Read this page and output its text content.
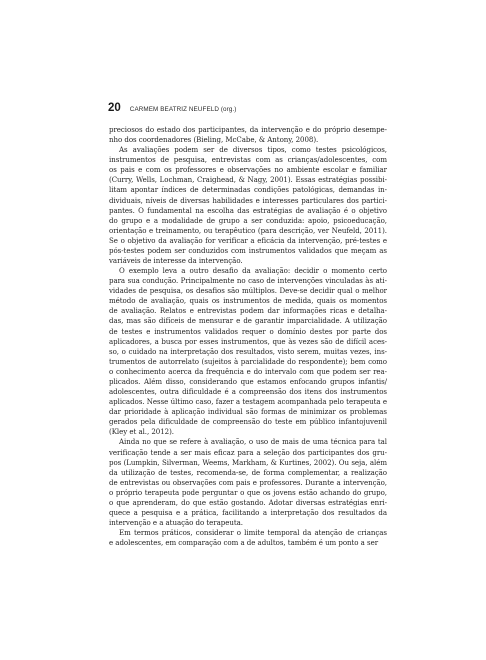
20 CARMEM BEATRIZ NEUFELD (org.)
preciosos do estado dos participantes, da intervenção e do próprio desempe-
nho dos coordenadores (Bieling, McCabe, & Antony, 2008).
As avaliações podem ser de diversos tipos, como testes psicológicos,
instrumentos de pesquisa, entrevistas com as crianças/adolescentes, com
os pais e com os professores e observações no ambiente escolar e familiar
(Curry, Wells, Lochman, Craighead, & Nagy, 2001). Essas estratégias possibi-
litam apontar índices de determinadas condições patológicas, demandas in-
dividuais, níveis de diversas habilidades e interesses particulares dos partici-
pantes. O fundamental na escolha das estratégias de avaliação é o objetivo
do grupo e a modalidade de grupo a ser conduzida: apoio, psicoeducação,
orientação e treinamento, ou terapêutico (para descrição, ver Neufeld, 2011).
Se o objetivo da avaliação for verificar a eficácia da intervenção, pré-testes e
pós-testes podem ser conduzidos com instrumentos validados que meçam as
variáveis de interesse da intervenção.
O exemplo leva a outro desafio da avaliação: decidir o momento certo
para sua condução. Principalmente no caso de intervenções vinculadas às ati-
vidades de pesquisa, os desafios são múltiplos. Deve-se decidir qual o melhor
método de avaliação, quais os instrumentos de medida, quais os momentos
de avaliação. Relatos e entrevistas podem dar informações ricas e detalha-
das, mas são difíceis de mensurar e de garantir imparcialidade. A utilização
de testes e instrumentos validados requer o domínio destes por parte dos
aplicadores, a busca por esses instrumentos, que às vezes são de difícil aces-
so, o cuidado na interpretação dos resultados, visto serem, muitas vezes, ins-
trumentos de autorrelato (sujeitos à parcialidade do respondente); bem como
o conhecimento acerca da frequência e do intervalo com que podem ser rea-
plicados. Além disso, considerando que estamos enfocando grupos infantis/
adolescentes, outra dificuldade é a compreensão dos itens dos instrumentos
aplicados. Nesse último caso, fazer a testagem acompanhada pelo terapeuta e
dar prioridade à aplicação individual são formas de minimizar os problemas
gerados pela dificuldade de compreensão do teste em público infantojuvenil
(Kley et al., 2012).
Ainda no que se refere à avaliação, o uso de mais de uma técnica para tal
verificação tende a ser mais eficaz para a seleção dos participantes dos gru-
pos (Lumpkin, Silverman, Weems, Markham, & Kurtines, 2002). Ou seja, além
da utilização de testes, recomenda-se, de forma complementar, a realização
de entrevistas ou observações com pais e professores. Durante a intervenção,
o próprio terapeuta pode perguntar o que os jovens estão achando do grupo,
o que aprenderam, do que estão gostando. Adotar diversas estratégias enri-
quece a pesquisa e a prática, facilitando a interpretação dos resultados da
intervenção e a atuação do terapeuta.
Em termos práticos, considerar o limite temporal da atenção de crianças
e adolescentes, em comparação com a de adultos, também é um ponto a ser
